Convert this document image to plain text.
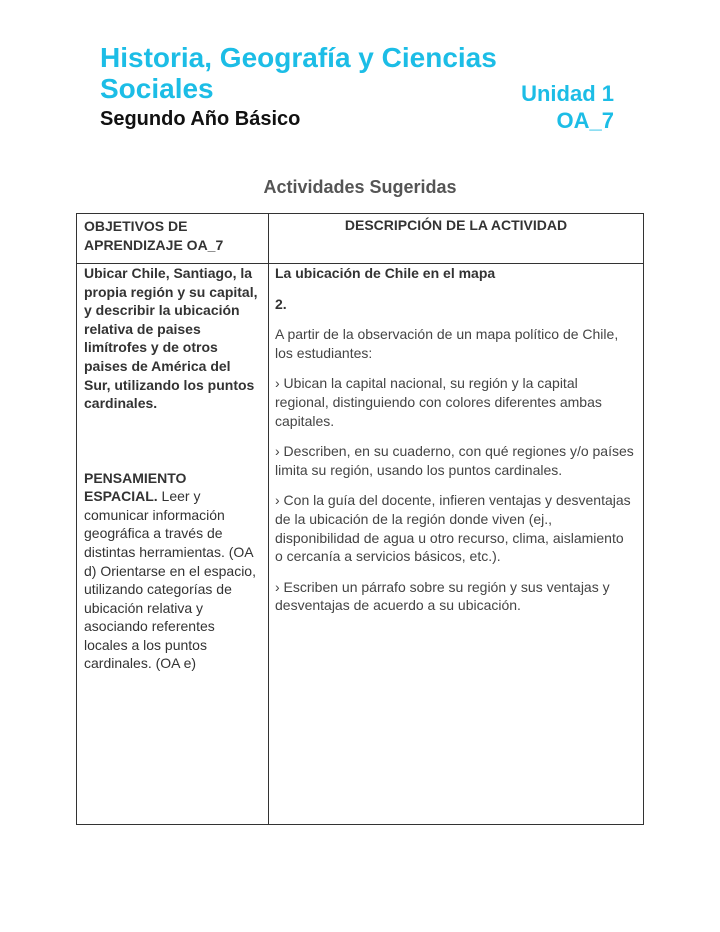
Historia, Geografía y Ciencias
Sociales	Unidad 1
Segundo Año Básico	OA_7
Actividades Sugeridas
OBJETIVOS DE
APRENDIZAJE OA_7
DESCRIPCIÓN DE LA ACTIVIDAD
Ubicar Chile, Santiago, la
propia región y su capital,
y describir la ubicación
relativa de paises
limítrofes y de otros
paises de América del
Sur, utilizando los puntos
cardinales.
PENSAMIENTO
ESPACIAL. Leer y
comunicar información
geográfica a través de
distintas herramientas. (OA
d) Orientarse en el espacio,
utilizando categorías de
ubicación relativa y
asociando referentes
locales a los puntos
cardinales. (OA e)

La ubicación de Chile en el mapa

2.

A partir de la observación de un mapa político de Chile,
los estudiantes:

› Ubican la capital nacional, su región y la capital
regional, distinguiendo con colores diferentes ambas
capitales.

› Describen, en su cuaderno, con qué regiones y/o países
limita su región, usando los puntos cardinales.

› Con la guía del docente, infieren ventajas y desventajas
de la ubicación de la región donde viven (ej.,
disponibilidad de agua u otro recurso, clima, aislamiento
o cercanía a servicios básicos, etc.).

› Escriben un párrafo sobre su región y sus ventajas y
desventajas de acuerdo a su ubicación.
